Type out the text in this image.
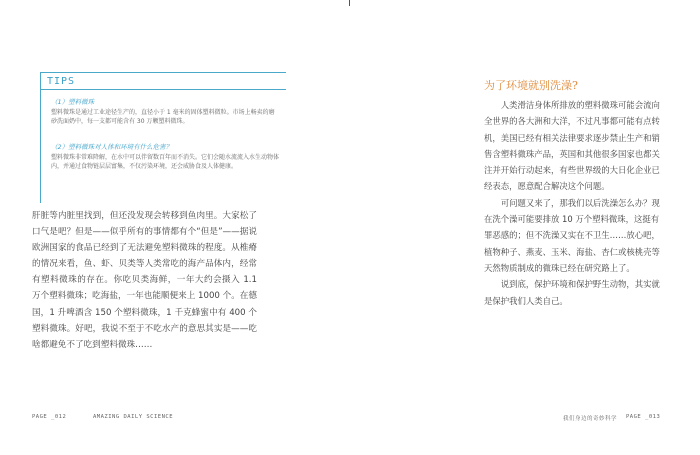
TIPS
（1）塑料微珠
塑料微珠是通过工业途径生产的，直径小于 1 毫米的固体塑料微粒。市场上畅卖的磨砂洗面奶中，每一支都可能含有 30 万颗塑料微珠。
（2）塑料微珠对人体和环境有什么危害？
塑料微珠非常难降解，在水中可以伴留数百年而不消失。它们会随水流流入水生动物体内，并通过食物链层层富集，不仅污染环境，还会威胁食及人体健康。
肝脏等内脏里找到，但还没发现会转移到鱼肉里。大家松了口气是吧？但是——似乎所有的事情都有个“但是”——据说欧洲国家的食品已经到了无法避免塑料微珠的程度。从椎瘠的情况来看，鱼、虾、贝类等人类常吃的海产品体内，经常有塑料微珠的存在。你吃贝类海鲜，一年大约会摄入 1.1 万个塑料微珠；吃海盐，一年也能顺便来上 1000 个。在德国，1 升啤酒含 150 个塑料微珠，1 千克蜂蜜中有 400 个塑料微珠。好吧，我说不至于不吃水产的意思其实是——吃啥都避免不了吃到塑料微珠……
PAGE _012	AMAZING DAILY SCIENCE
为了环境就别洗澡?

人类滑洁身体所排放的塑料微珠可能会流向全世界的各大洲和大洋，不过凡事都可能有点转机，美国已经有相关法律要求逐步禁止生产和销售含塑料微珠产品，英国和其他很多国家也都关注并开始行动起来，有些世界级的大日化企业已经表态，愿意配合解决这个问题。

可问题又来了，那我们以后洗澡怎么办？现在洗个澡可能要排放 10 万个塑料微珠，这挺有罪恶感的；但不洗澡又实在不卫生……放心吧，植物种子、燕麦、玉米、海盐、杏仁或核桃壳等天然物质制成的微珠已经在研究路上了。

说到底，保护环境和保护野生动物，其实就是保护我们人类自己。

我们身边的奇妙科学 PAGE _013
